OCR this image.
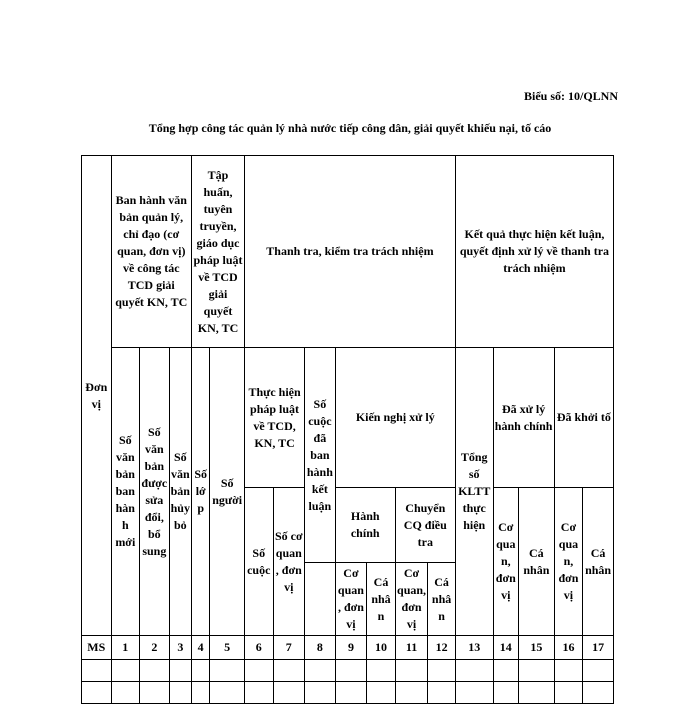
Biểu số: 10/QLNN
Tổng hợp công tác quản lý nhà nước tiếp công dân, giải quyết khiếu nại, tố cáo
Đơn vị	Ban hành văn bản quản lý, chỉ đạo (cơ quan, đơn vị) về công tác TCD giải quyết KN, TC			Tập huấn, tuyên truyền, giáo dục pháp luật về TCD giải quyết KN, TC		Thanh tra, kiểm tra trách nhiệm							Kết quả thực hiện kết luận, quyết định xử lý về thanh tra trách nhiệm				
	Số văn bản ban hành mới	Số văn bản được sửa đổi, bổ sung	Số văn bản hủy bỏ	Số lớp	Số người	Thực hiện pháp luật về TCD, KN, TC		Số cuộc đã ban hành kết luận	Kiến nghị xử lý				Tổng số KLTT thực hiện	Đã xử lý hành chính		Đã khởi tố	
						Số cuộc	Số cơ quan, đơn vị		Hành chính		Chuyển CQ điều tra			Cơ quan, đơn vị	Cá nhân	Cơ quan, đơn vị	Cá nhân
									Cơ quan, đơn vị	Cá nhân	Cơ quan, đơn vị	Cá nhân					
MS	1	2	3	4	5	6	7	8	9	10	11	12	13	14	15	16	17
